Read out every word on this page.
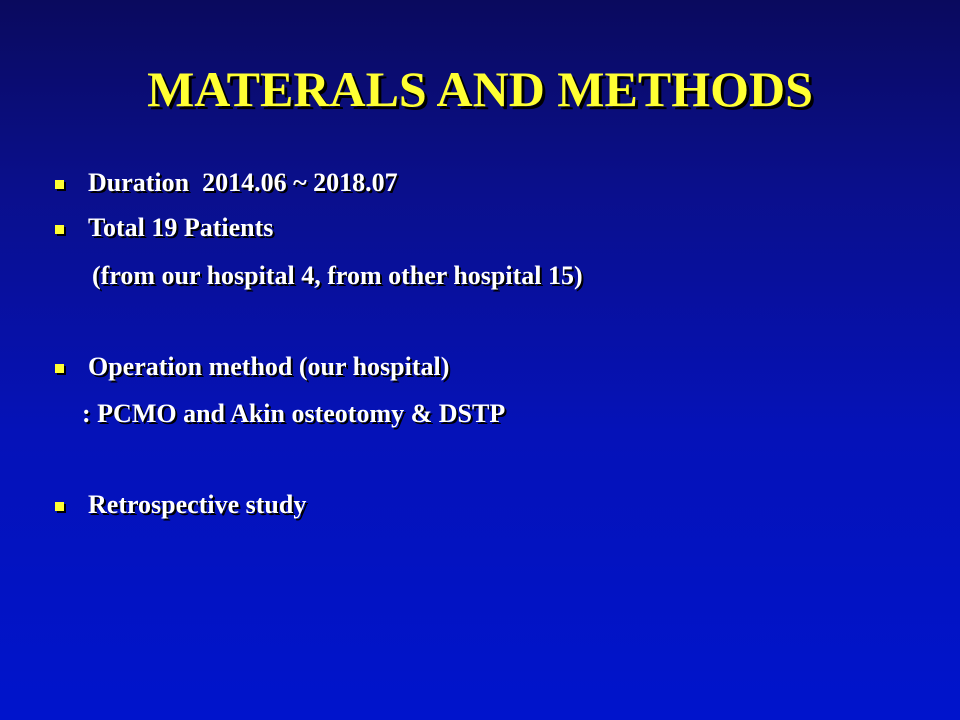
MATERALS AND METHODS
Duration  2014.06 ~ 2018.07
Total 19 Patients
(from our hospital 4, from other hospital 15)
Operation method (our hospital)
: PCMO and Akin osteotomy & DSTP
Retrospective study
